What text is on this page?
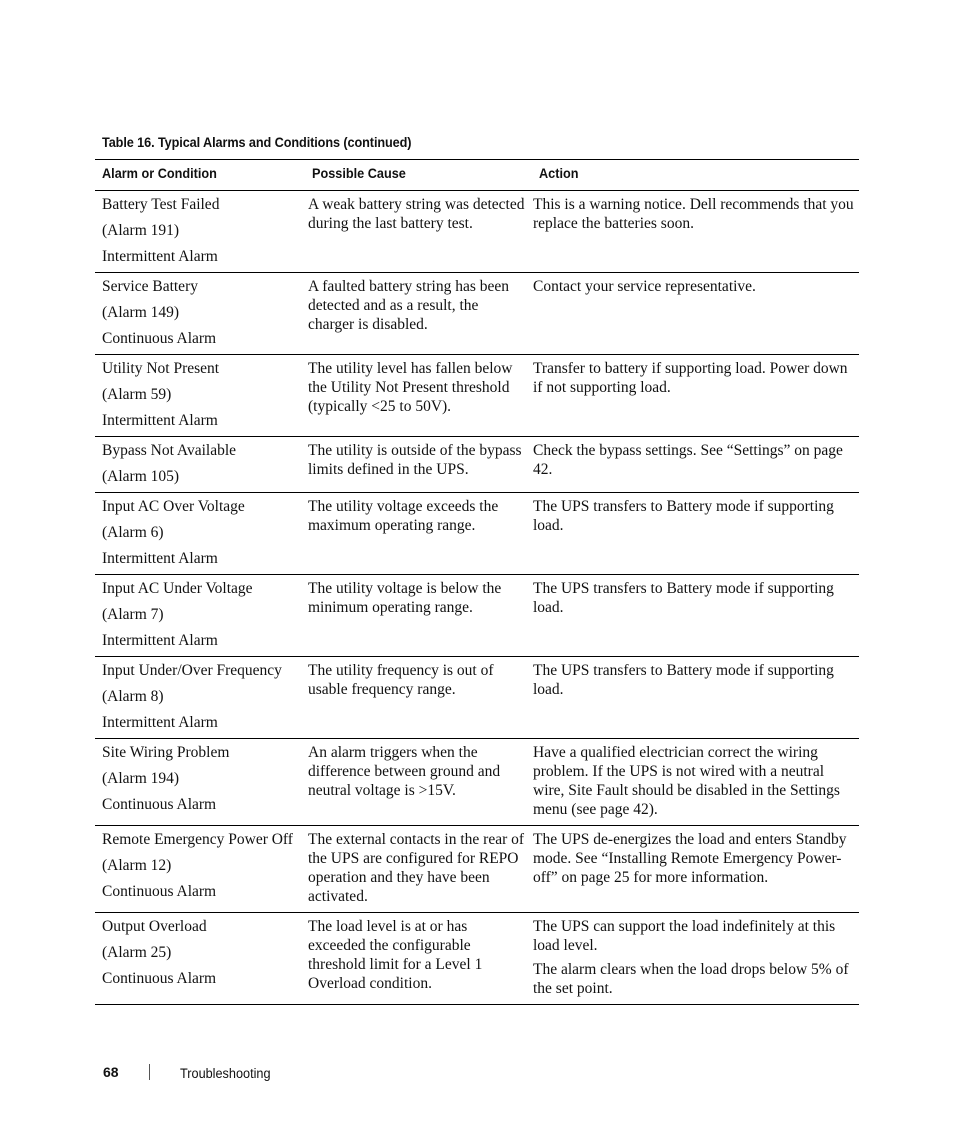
Table 16. Typical Alarms and Conditions (continued)
Alarm or Condition	Possible Cause	Action

Battery Test Failed
(Alarm 191)
Intermittent Alarm	A weak battery string was detected during the last battery test.	This is a warning notice. Dell recommends that you replace the batteries soon.

Service Battery
(Alarm 149)
Continuous Alarm	A faulted battery string has been detected and as a result, the charger is disabled.	Contact your service representative.

Utility Not Present
(Alarm 59)
Intermittent Alarm	The utility level has fallen below the Utility Not Present threshold (typically <25 to 50V).	Transfer to battery if supporting load. Power down if not supporting load.

Bypass Not Available
(Alarm 105)	The utility is outside of the bypass limits defined in the UPS.	Check the bypass settings. See “Settings” on page 42.

Input AC Over Voltage
(Alarm 6)
Intermittent Alarm	The utility voltage exceeds the maximum operating range.	The UPS transfers to Battery mode if supporting load.

Input AC Under Voltage
(Alarm 7)
Intermittent Alarm	The utility voltage is below the minimum operating range.	The UPS transfers to Battery mode if supporting load.

Input Under/Over Frequency
(Alarm 8)
Intermittent Alarm	The utility frequency is out of usable frequency range.	The UPS transfers to Battery mode if supporting load.

Site Wiring Problem
(Alarm 194)
Continuous Alarm	An alarm triggers when the difference between ground and neutral voltage is >15V.	Have a qualified electrician correct the wiring problem. If the UPS is not wired with a neutral wire, Site Fault should be disabled in the Settings menu (see page 42).

Remote Emergency Power Off
(Alarm 12)
Continuous Alarm	The external contacts in the rear of the UPS are configured for REPO operation and they have been activated.	The UPS de-energizes the load and enters Standby mode. See “Installing Remote Emergency Power-off” on page 25 for more information.

Output Overload
(Alarm 25)
Continuous Alarm	The load level is at or has exceeded the configurable threshold limit for a Level 1 Overload condition.	The UPS can support the load indefinitely at this load level.
The alarm clears when the load drops below 5% of the set point.
68	Troubleshooting
